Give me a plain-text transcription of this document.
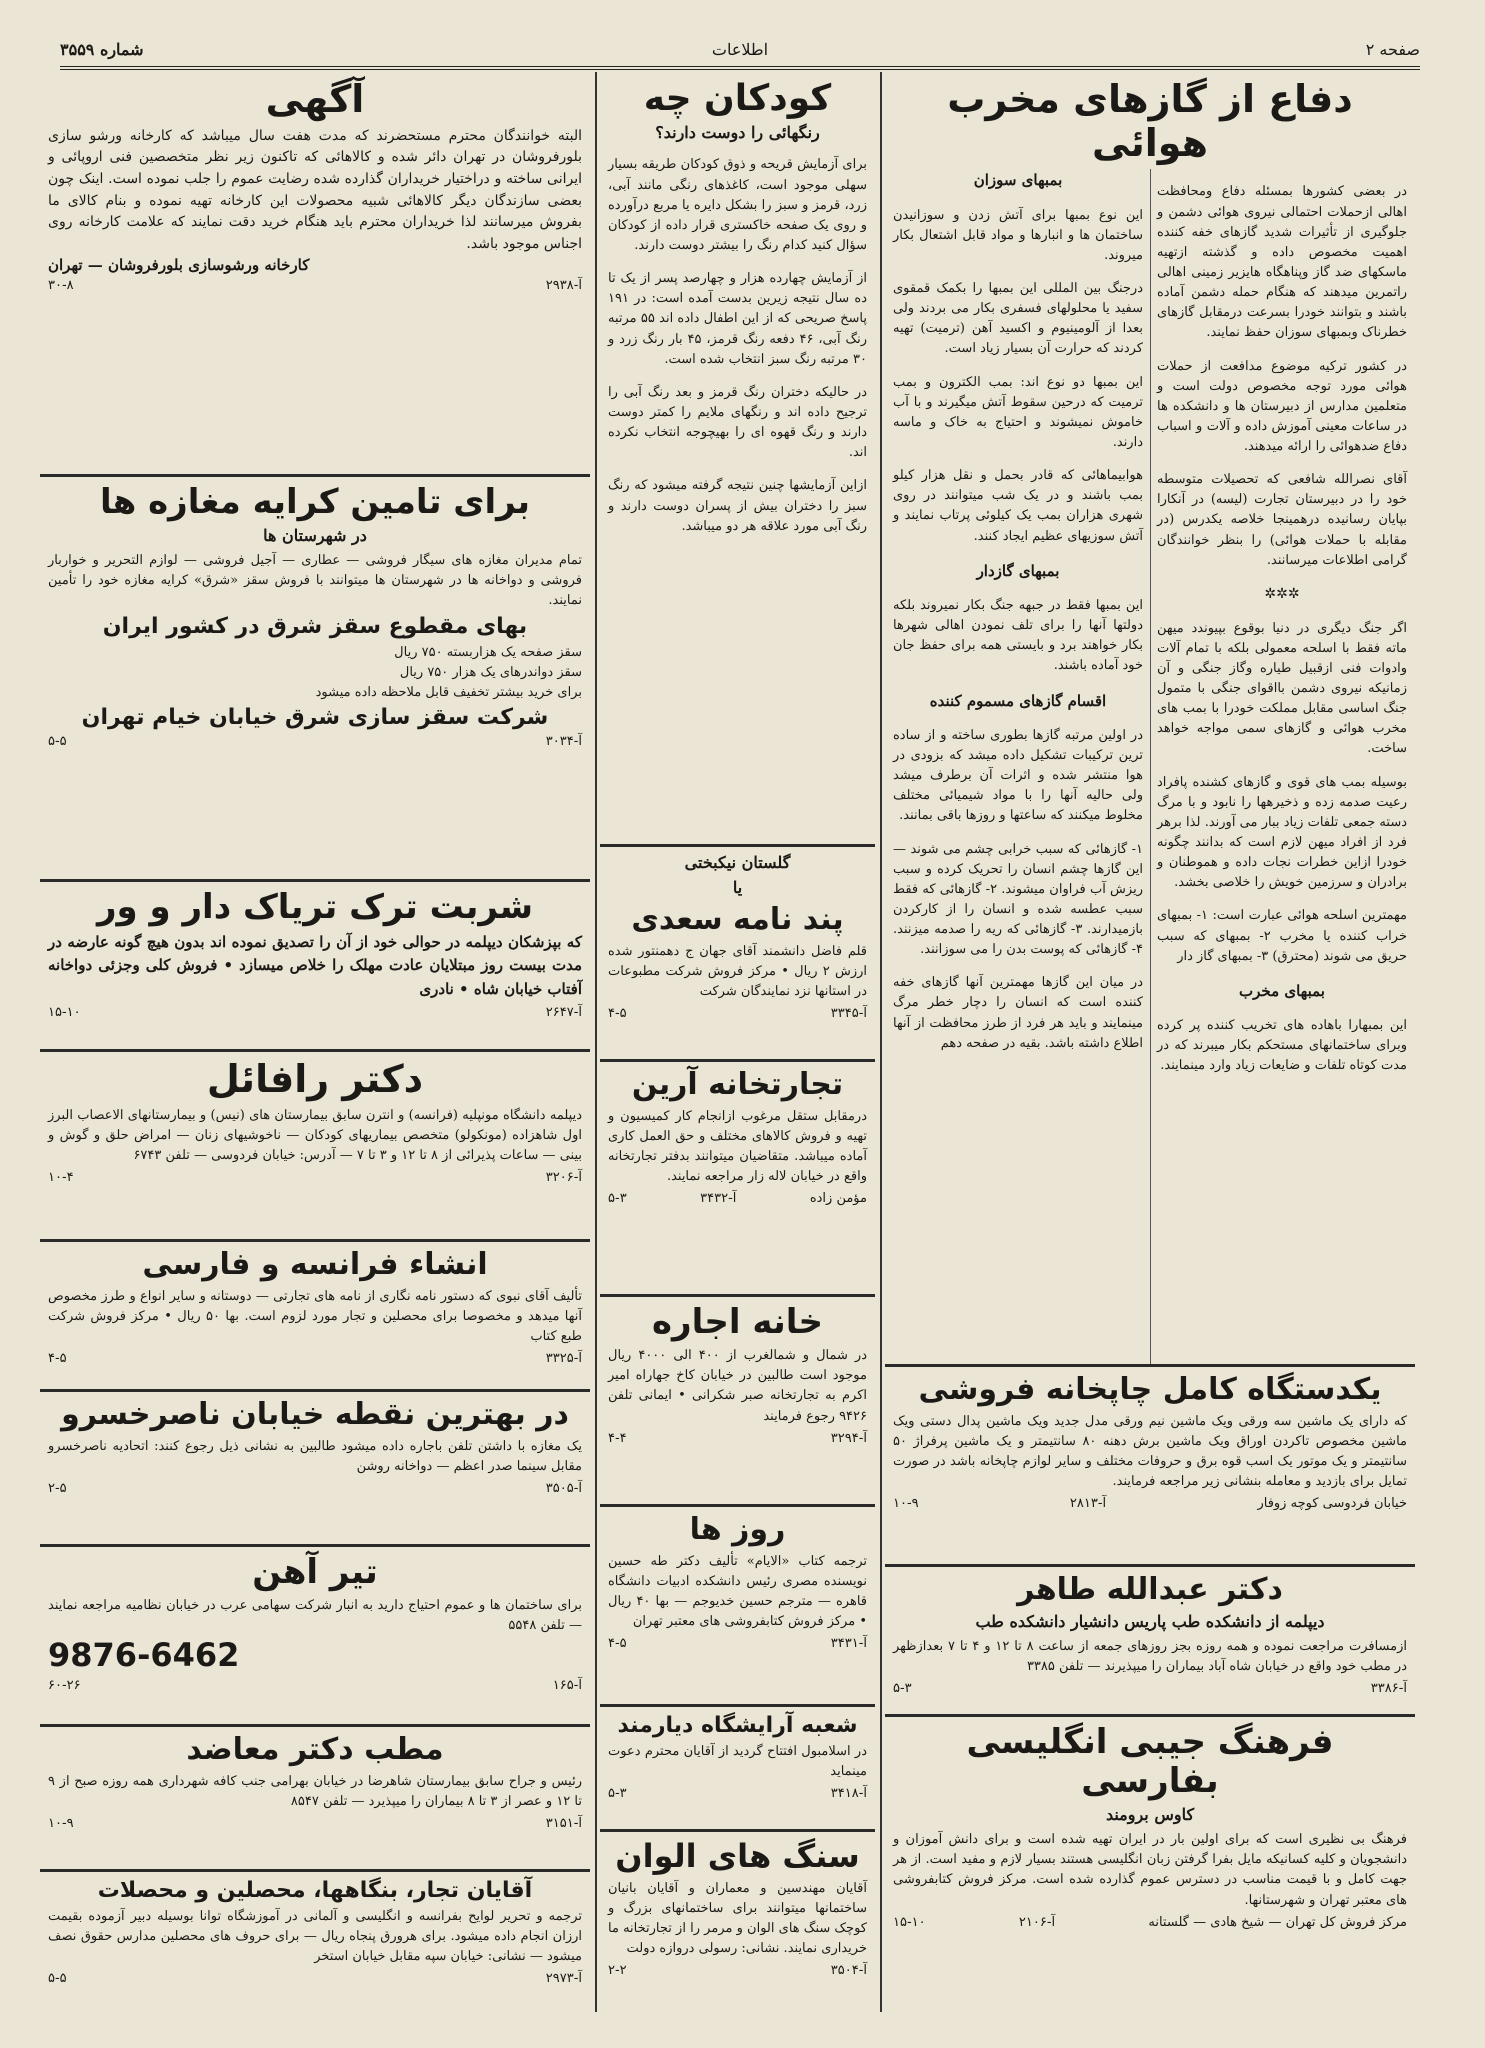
صفحه ۲
اطلاعات
شماره ۳۵۵۹
دفاع از گازهای مخرب هوائی

در بعضی کشورها بمسئله دفاع ومحافظت اهالی ازحملات احتمالی نیروی هوائی دشمن و جلوگیری از تأثیرات شدید گازهای خفه کننده اهمیت مخصوص داده و گذشته ازتهیه ماسکهای ضد گاز وپناهگاه هایزیر زمینی اهالی راتمرین میدهند که هنگام حمله دشمن آماده باشند و بتوانند خودرا بسرعت درمقابل گازهای خطرناک وبمبهای سوزان حفظ نمایند.

در کشور ترکیه موضوع مدافعت از حملات هوائی مورد توجه مخصوص دولت است و متعلمین مدارس از دبیرستان ها و دانشکده ها در ساعات معینی آموزش داده و آلات و اسباب دفاع ضدهوائی را ارائه میدهند.

آقای نصرالله شافعی که تحصیلات متوسطه خود را در دبیرستان تجارت (لیسه) در آنکارا بپایان رسانیده درهمینجا خلاصه یکدرس (در مقابله با حملات هوائی) را بنظر خوانندگان گرامی اطلاعات میرسانند.

✲✲✲

اگر جنگ دیگری در دنیا بوقوع بپیوندد میهن ماته فقط با اسلحه معمولی بلکه با تمام آلات وادوات فنی ازقبیل طیاره وگاز جنگی و آن زمانیکه نیروی دشمن بااقوای جنگی با متمول جنگ اساسی مقابل مملکت خودرا با بمب های مخرب هوائی و گازهای سمی مواجه خواهد ساخت.

بوسیله بمب های قوی و گازهای کشنده پافراد رعیت صدمه زده و ذخیرهها را نابود و با مرگ دسته جمعی تلفات زیاد ببار می آورند. لذا برهر فرد از افراد میهن لازم است که بدانند چگونه خودرا ازاین خطرات نجات داده و هموطنان و برادران و سرزمین خویش را خلاصی بخشد.

مهمترین اسلحه هوائی عبارت است: ۱- بمبهای خراب کننده یا مخرب ۲- بمبهای که سبب حریق می شوند (محترق) ۳- بمبهای گاز دار

بمبهای مخرب

این بمبهارا باهاده های تخریب کننده پر کرده وبرای ساختمانهای مستحکم بکار میبرند که در مدت کوتاه تلفات و ضایعات زیاد وارد مینمایند.

بمبهای سوزان

این نوع بمبها برای آتش زدن و سوزانیدن ساختمان ها و انبارها و مواد قابل اشتعال بکار میروند.

درجنگ بین المللی این بمبها را بکمک قمقوی سفید یا محلولهای فسفری بکار می بردند ولی بعدا از آلومینیوم و اکسید آهن (ترمیت) تهیه کردند که حرارت آن بسیار زیاد است.

این بمبها دو نوع اند: بمب الکترون و بمب ترمیت که درحین سقوط آتش میگیرند و با آب خاموش نمیشوند و احتیاج به خاک و ماسه دارند.

هوابیماهائی که قادر بحمل و نقل هزار کیلو بمب باشند و در یک شب میتوانند در روی شهری هزاران بمب یک کیلوئی پرتاب نمایند و آتش سوزیهای عظیم ایجاد کنند.

بمبهای گازدار

این بمبها فقط در جبهه جنگ بکار نمیروند بلکه دولتها آنها را برای تلف نمودن اهالی شهرها بکار خواهند برد و بایستی همه برای حفظ جان خود آماده باشند.

اقسام گازهای مسموم کننده

در اولین مرتبه گازها بطوری ساخته و از ساده ترین ترکیبات تشکیل داده میشد که بزودی در هوا منتشر شده و اثرات آن برطرف میشد ولی حالیه آنها را با مواد شیمیائی مختلف مخلوط میکنند که ساعتها و روزها باقی بمانند.

۱- گازهائی که سبب خرابی چشم می شوند — این گازها چشم انسان را تحریک کرده و سبب ریزش آب فراوان میشوند. ۲- گازهائی که فقط سبب عطسه شده و انسان را از کارکردن بازمیدارند. ۳- گازهائی که ریه را صدمه میزنند. ۴- گازهائی که پوست بدن را می سوزانند.

در میان این گازها مهمترین آنها گازهای خفه کننده است که انسان را دچار خطر مرگ مینمایند و باید هر فرد از طرز محافظت از آنها اطلاع داشته باشد. بقیه در صفحه دهم

یکدستگاه کامل چاپخانه فروشی
که دارای یک ماشین سه ورقی ویک ماشین نیم ورقی مدل جدید ویک ماشین پدال دستی ویک ماشین مخصوص تاکردن اوراق ویک ماشین برش دهنه ۸۰ سانتیمتر و یک ماشین پرفراژ ۵۰ سانتیمتر و یک موتور یک اسب قوه برق و حروفات مختلف و سایر لوازم چاپخانه باشد در صورت تمایل برای بازدید و معامله بنشانی زیر مراجعه فرمایند.
خیابان فردوسی کوچه زوفار
آ-۲۸۱۳
۱۰-۹
دکتر عبدالله طاهر
دیپلمه از دانشکده طب پاریس دانشیار دانشکده طب
ازمسافرت مراجعت نموده و همه روزه بجز روزهای جمعه از ساعت ۸ تا ۱۲ و ۴ تا ۷ بعدازظهر در مطب خود واقع در خیابان شاه آباد بیماران را میپذیرند — تلفن ۳۳۸۵
آ-۳۳۸۶
۵-۳
فرهنگ جیبی انگلیسی بفارسی
کاوس برومند
فرهنگ بی نظیری است که برای اولین بار در ایران تهیه شده است و برای دانش آموزان و دانشجویان و کلیه کسانیکه مایل بفرا گرفتن زبان انگلیسی هستند بسیار لازم و مفید است. از هر جهت کامل و با قیمت مناسب در دسترس عموم گذارده شده است. مرکز فروش کتابفروشی های معتبر تهران و شهرستانها.
مرکز فروش کل تهران — شیخ هادی — گلستانه
آ-۲۱۰۶
۱۵-۱۰
کودکان چه
رنگهائی را دوست دارند؟

برای آزمایش قریحه و ذوق کودکان طریقه بسیار سهلی موجود است، کاغذهای رنگی مانند آبی، زرد، قرمز و سبز را بشکل دایره یا مربع درآورده و روی یک صفحه خاکستری قرار داده از کودکان سؤال کنید کدام رنگ را بیشتر دوست دارند.

از آزمایش چهارده هزار و چهارصد پسر از یک تا ده سال نتیجه زیرین بدست آمده است: در ۱۹۱ پاسخ صریحی که از این اطفال داده اند ۵۵ مرتبه رنگ آبی، ۴۶ دفعه رنگ قرمز، ۴۵ بار رنگ زرد و ۳۰ مرتبه رنگ سبز انتخاب شده است.

در حالیکه دختران رنگ قرمز و بعد رنگ آبی را ترجیح داده اند و رنگهای ملایم را کمتر دوست دارند و رنگ قهوه ای را بهیچوجه انتخاب نکرده اند.

ازاین آزمایشها چنین نتیجه گرفته میشود که رنگ سبز را دختران بیش از پسران دوست دارند و رنگ آبی مورد علاقه هر دو میباشد.

گلستان نیکبختی
یا
پند نامه سعدی
قلم فاضل دانشمند آقای جهان ج دهمنتور شده ارزش ۲ ریال • مرکز فروش شرکت مطبوعات در استانها نزد نمایندگان شرکت
آ-۳۳۴۵
۴-۵
تجارتخانه آرین
درمقابل ستقل مرغوب ازانجام کار کمیسیون و تهیه و فروش کالاهای مختلف و حق العمل کاری آماده میباشد. متقاضیان میتوانند بدفتر تجارتخانه واقع در خیابان لاله زار مراجعه نمایند.
مؤمن زاده
آ-۳۴۳۲
۵-۳
خانه اجاره
در شمال و شمالغرب از ۴۰۰ الی ۴۰۰۰ ریال موجود است طالبین در خیابان کاخ جهاراه امیر اکرم به تجارتخانه صبر شکرانی • ایمانی تلفن ۹۴۲۶ رجوع فرمایند
آ-۳۲۹۴
۴-۴
روز ها
ترجمه کتاب «الایام» تألیف دکتر طه حسین نویسنده مصری رئیس دانشکده ادبیات دانشگاه قاهره — مترجم حسین خدیوجم — بها ۴۰ ریال • مرکز فروش کتابفروشی های معتبر تهران
آ-۳۴۳۱
۴-۵
شعبه آرایشگاه دیارمند
در اسلامبول افتتاح گردید از آقایان محترم دعوت مینماید
آ-۳۴۱۸
۵-۳
سنگ های الوان
آقایان مهندسین و معماران و آقایان بانیان ساختمانها میتوانند برای ساختمانهای بزرگ و کوچک سنگ های الوان و مرمر را از تجارتخانه ما خریداری نمایند. نشانی: رسولی دروازه دولت
آ-۳۵۰۴
۲-۲
آگهی
البته خوانندگان محترم مستحضرند که مدت هفت سال میباشد که کارخانه ورشو سازی بلورفروشان در تهران دائر شده و کالاهائی که تاکنون زیر نظر متخصصین فنی اروپائی و ایرانی ساخته و دراختیار خریداران گذارده شده رضایت عموم را جلب نموده است. اینک چون بعضی سازندگان دیگر کالاهائی شبیه محصولات این کارخانه تهیه نموده و بنام کالای ما بفروش میرسانند لذا خریداران محترم باید هنگام خرید دقت نمایند که علامت کارخانه روی اجناس موجود باشد.
کارخانه ورشوسازی بلورفروشان — تهران
آ-۲۹۳۸
۳۰-۸
برای تامین کرایه مغازه ها
در شهرستان ها
تمام مدیران مغازه های سیگار فروشی — عطاری — آجیل فروشی — لوازم التحریر و خواربار فروشی و دواخانه ها در شهرستان ها میتوانند با فروش سقز «شرق» کرایه مغازه خود را تأمین نمایند.
بهای مقطوع سقز شرق در کشور ایران
سقز صفحه یک هزاربسته ۷۵۰ ریال
سقز دواندرهای یک هزار ۷۵۰ ریال
برای خرید بیشتر تخفیف قابل ملاحظه داده میشود
شرکت سقز سازی شرق خیابان خیام تهران
آ-۳۰۳۴
۵-۵
شربت ترک تریاک دار و ور
که بپزشکان دیپلمه در حوالی خود از آن را تصدیق نموده اند بدون هیچ گونه عارضه در مدت بیست روز مبتلایان عادت مهلک را خلاص میسازد • فروش کلی وجزئی دواخانه آفتاب خیابان شاه • نادری
آ-۲۶۴۷
۱۵-۱۰
دکتر رافائل
دیپلمه دانشگاه مونپلیه (فرانسه) و انترن سابق بیمارستان های (نیس) و بیمارستانهای الاعصاب البرز اول شاهزاده (مونکولو) متخصص بیماریهای کودکان — ناخوشیهای زنان — امراض حلق و گوش و بینی — ساعات پذیرائی از ۸ تا ۱۲ و ۳ تا ۷ — آدرس: خیابان فردوسی — تلفن ۶۷۴۳
آ-۳۲۰۶
۱۰-۴
انشاء فرانسه و فارسی
تألیف آقای نبوی که دستور نامه نگاری از نامه های تجارتی — دوستانه و سایر انواع و طرز مخصوص آنها میدهد و مخصوصا برای محصلین و تجار مورد لزوم است. بها ۵۰ ریال • مرکز فروش شرکت طبع کتاب
آ-۳۳۲۵
۴-۵
در بهترین نقطه خیابان ناصرخسرو
یک مغازه با داشتن تلفن باجاره داده میشود طالبین به نشانی ذیل رجوع کنند: اتحادیه ناصرخسرو مقابل سینما صدر اعظم — دواخانه روشن
آ-۳۵۰۵
۲-۵
تیر آهن
برای ساختمان ها و عموم احتیاج دارید به انبار شرکت سهامی عرب در خیابان نظامیه مراجعه نمایند — تلفن ۵۵۴۸
9876-6462
آ-۱۶۵
۶۰-۲۶
مطب دکتر معاضد
رئیس و جراح سابق بیمارستان شاهرضا در خیابان بهرامی جنب کافه شهرداری همه روزه صبح از ۹ تا ۱۲ و عصر از ۳ تا ۸ بیماران را میپذیرد — تلفن ۸۵۴۷
آ-۳۱۵۱
۱۰-۹
آقایان تجار، بنگاهها، محصلین و محصلات
ترجمه و تحریر لوایح بفرانسه و انگلیسی و آلمانی در آموزشگاه توانا بوسیله دبیر آزموده بقیمت ارزان انجام داده میشود. برای هرورق پنجاه ریال — برای حروف های محصلین مدارس حقوق نصف میشود — نشانی: خیابان سپه مقابل خیابان استخر
آ-۲۹۷۳
۵-۵
